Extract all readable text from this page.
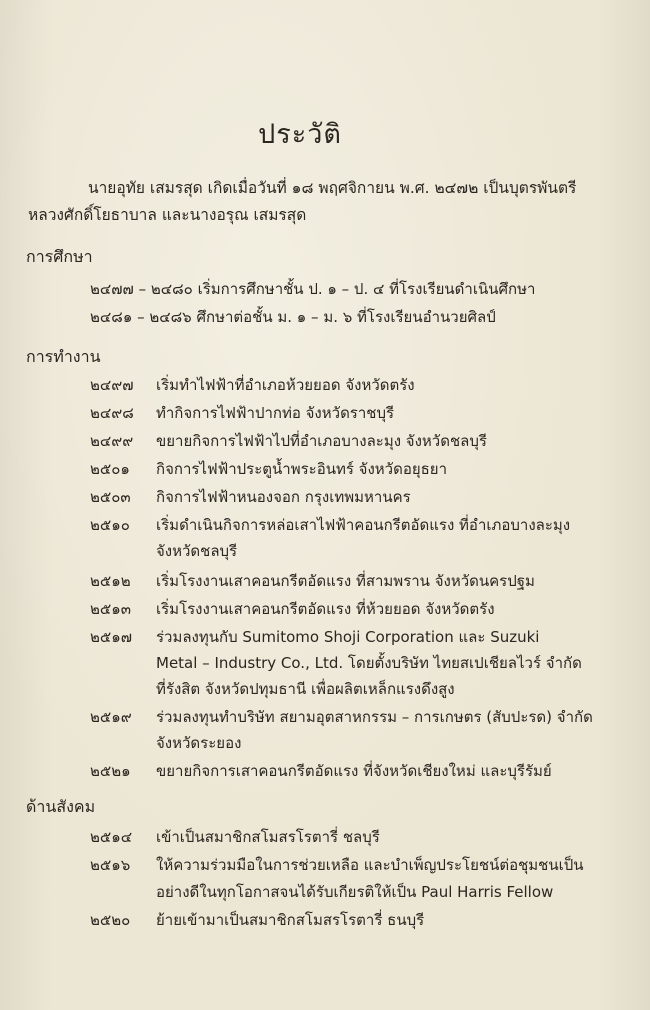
ประวัติ
นายอุทัย เสมรสุด เกิดเมื่อวันที่ ๑๘ พฤศจิกายน พ.ศ. ๒๔๗๒ เป็นบุตรพันตรี
หลวงศักดิ์โยธาบาล และนางอรุณ เสมรสุด
การศึกษา
๒๔๗๗ – ๒๔๘๐ เริ่มการศึกษาชั้น ป. ๑ – ป. ๔ ที่โรงเรียนดำเนินศึกษา
๒๔๘๑ – ๒๔๘๖ ศึกษาต่อชั้น ม. ๑ – ม. ๖ ที่โรงเรียนอำนวยศิลป์
การทำงาน
๒๔๙๗	เริ่มทำไฟฟ้าที่อำเภอห้วยยอด จังหวัดตรัง
๒๔๙๘	ทำกิจการไฟฟ้าปากท่อ จังหวัดราชบุรี
๒๔๙๙	ขยายกิจการไฟฟ้าไปที่อำเภอบางละมุง จังหวัดชลบุรี
๒๕๐๑	กิจการไฟฟ้าประตูน้ำพระอินทร์ จังหวัดอยุธยา
๒๕๐๓	กิจการไฟฟ้าหนองจอก กรุงเทพมหานคร
๒๕๑๐	เริ่มดำเนินกิจการหล่อเสาไฟฟ้าคอนกรีตอัดแรง ที่อำเภอบางละมุง
จังหวัดชลบุรี
๒๕๑๒	เริ่มโรงงานเสาคอนกรีตอัดแรง ที่สามพราน จังหวัดนครปฐม
๒๕๑๓	เริ่มโรงงานเสาคอนกรีตอัดแรง ที่ห้วยยอด จังหวัดตรัง
๒๕๑๗	ร่วมลงทุนกับ Sumitomo Shoji Corporation และ Suzuki
Metal – Industry Co., Ltd. โดยตั้งบริษัท ไทยสเปเชียลไวร์ จำกัด
ที่รังสิต จังหวัดปทุมธานี เพื่อผลิตเหล็กแรงดึงสูง
๒๕๑๙	ร่วมลงทุนทำบริษัท สยามอุตสาหกรรม – การเกษตร (สับปะรด) จำกัด
จังหวัดระยอง
๒๕๒๑	ขยายกิจการเสาคอนกรีตอัดแรง ที่จังหวัดเชียงใหม่ และบุรีรัมย์
ด้านสังคม
๒๕๑๔	เข้าเป็นสมาชิกสโมสรโรตารี่ ชลบุรี
๒๕๑๖	ให้ความร่วมมือในการช่วยเหลือ และบำเพ็ญประโยชน์ต่อชุมชนเป็น
อย่างดีในทุกโอกาสจนได้รับเกียรติให้เป็น Paul Harris Fellow
๒๕๒๐	ย้ายเข้ามาเป็นสมาชิกสโมสรโรตารี่ ธนบุรี
